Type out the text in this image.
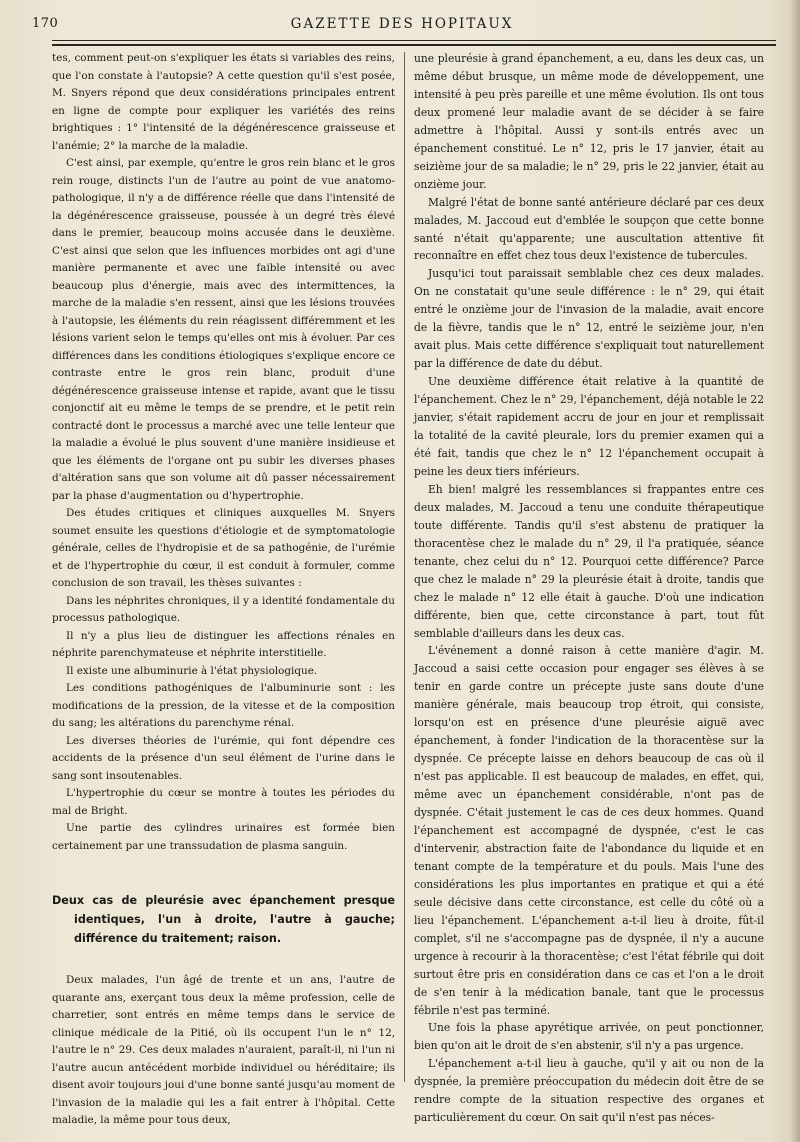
170	GAZETTE DES HOPITAUX

tes, comment peut-on s'expliquer les états si variables des reins, que l'on constate à l'autopsie? A cette question qu'il s'est posée, M. Snyers répond que deux considérations principales entrent en ligne de compte pour expliquer les variétés des reins brightiques : 1° l'intensité de la dégénérescence graisseuse et l'anémie; 2° la marche de la maladie.

C'est ainsi, par exemple, qu'entre le gros rein blanc et le gros rein rouge, distincts l'un de l'autre au point de vue anatomo-pathologique, il n'y a de différence réelle que dans l'intensité de la dégénérescence graisseuse, poussée à un degré très élevé dans le premier, beaucoup moins accusée dans le deuxième. C'est ainsi que selon que les influences morbides ont agi d'une manière permanente et avec une faible intensité ou avec beaucoup plus d'énergie, mais avec des intermittences, la marche de la maladie s'en ressent, ainsi que les lésions trouvées à l'autopsie, les éléments du rein réagissent différemment et les lésions varient selon le temps qu'elles ont mis à évoluer. Par ces différences dans les conditions étiologiques s'explique encore ce contraste entre le gros rein blanc, produit d'une dégénérescence graisseuse intense et rapide, avant que le tissu conjonctif ait eu même le temps de se prendre, et le petit rein contracté dont le processus a marché avec une telle lenteur que la maladie a évolué le plus souvent d'une manière insidieuse et que les éléments de l'organe ont pu subir les diverses phases d'altération sans que son volume ait dû passer nécessairement par la phase d'augmentation ou d'hypertrophie.

Des études critiques et cliniques auxquelles M. Snyers soumet ensuite les questions d'étiologie et de symptomatologie générale, celles de l'hydropisie et de sa pathogénie, de l'urémie et de l'hypertrophie du cœur, il est conduit à formuler, comme conclusion de son travail, les thèses suivantes :

Dans les néphrites chroniques, il y a identité fondamentale du processus pathologique.

Il n'y a plus lieu de distinguer les affections rénales en néphrite parenchymateuse et néphrite interstitielle.

Il existe une albuminurie à l'état physiologique.

Les conditions pathogéniques de l'albuminurie sont : les modifications de la pression, de la vitesse et de la composition du sang; les altérations du parenchyme rénal.

Les diverses théories de l'urémie, qui font dépendre ces accidents de la présence d'un seul élément de l'urine dans le sang sont insoutenables.

L'hypertrophie du cœur se montre à toutes les périodes du mal de Bright.

Une partie des cylindres urinaires est formée bien certainement par une transsudation de plasma sanguin.

Deux cas de pleurésie avec épanchement presque identiques, l'un à droite, l'autre à gauche; différence du traitement; raison.

Deux malades, l'un âgé de trente et un ans, l'autre de quarante ans, exerçant tous deux la même profession, celle de charretier, sont entrés en même temps dans le service de clinique médicale de la Pitié, où ils occupent l'un le n° 12, l'autre le n° 29. Ces deux malades n'auraient, paraît-il, ni l'un ni l'autre aucun antécédent morbide individuel ou héréditaire; ils disent avoir toujours joui d'une bonne santé jusqu'au moment de l'invasion de la maladie qui les a fait entrer à l'hôpital. Cette maladie, la même pour tous deux,

une pleurésie à grand épanchement, a eu, dans les deux cas, un même début brusque, un même mode de développement, une intensité à peu près pareille et une même évolution. Ils ont tous deux promené leur maladie avant de se décider à se faire admettre à l'hôpital. Aussi y sont-ils entrés avec un épanchement constitué. Le n° 12, pris le 17 janvier, était au seizième jour de sa maladie; le n° 29, pris le 22 janvier, était au onzième jour.

Malgré l'état de bonne santé antérieure déclaré par ces deux malades, M. Jaccoud eut d'emblée le soupçon que cette bonne santé n'était qu'apparente; une auscultation attentive fit reconnaître en effet chez tous deux l'existence de tubercules.

Jusqu'ici tout paraissait semblable chez ces deux malades. On ne constatait qu'une seule différence : le n° 29, qui était entré le onzième jour de l'invasion de la maladie, avait encore de la fièvre, tandis que le n° 12, entré le seizième jour, n'en avait plus. Mais cette différence s'expliquait tout naturellement par la différence de date du début.

Une deuxième différence était relative à la quantité de l'épanchement. Chez le n° 29, l'épanchement, déjà notable le 22 janvier, s'était rapidement accru de jour en jour et remplissait la totalité de la cavité pleurale, lors du premier examen qui a été fait, tandis que chez le n° 12 l'épanchement occupait à peine les deux tiers inférieurs.

Eh bien! malgré les ressemblances si frappantes entre ces deux malades, M. Jaccoud a tenu une conduite thérapeutique toute différente. Tandis qu'il s'est abstenu de pratiquer la thoracentèse chez le malade du n° 29, il l'a pratiquée, séance tenante, chez celui du n° 12. Pourquoi cette différence? Parce que chez le malade n° 29 la pleurésie était à droite, tandis que chez le malade n° 12 elle était à gauche. D'où une indication différente, bien que, cette circonstance à part, tout fût semblable d'ailleurs dans les deux cas.

L'événement a donné raison à cette manière d'agir. M. Jaccoud a saisi cette occasion pour engager ses élèves à se tenir en garde contre un précepte juste sans doute d'une manière générale, mais beaucoup trop étroit, qui consiste, lorsqu'on est en présence d'une pleurésie aiguë avec épanchement, à fonder l'indication de la thoracentèse sur la dyspnée. Ce précepte laisse en dehors beaucoup de cas où il n'est pas applicable. Il est beaucoup de malades, en effet, qui, même avec un épanchement considérable, n'ont pas de dyspnée. C'était justement le cas de ces deux hommes. Quand l'épanchement est accompagné de dyspnée, c'est le cas d'intervenir, abstraction faite de l'abondance du liquide et en tenant compte de la température et du pouls. Mais l'une des considérations les plus importantes en pratique et qui a été seule décisive dans cette circonstance, est celle du côté où a lieu l'épanchement. L'épanchement a-t-il lieu à droite, fût-il complet, s'il ne s'accompagne pas de dyspnée, il n'y a aucune urgence à recourir à la thoracentèse; c'est l'état fébrile qui doit surtout être pris en considération dans ce cas et l'on a le droit de s'en tenir à la médication banale, tant que le processus fébrile n'est pas terminé.

Une fois la phase apyrétique arrivée, on peut ponctionner, bien qu'on ait le droit de s'en abstenir, s'il n'y a pas urgence.

L'épanchement a-t-il lieu à gauche, qu'il y ait ou non de la dyspnée, la première préoccupation du médecin doit être de se rendre compte de la situation respective des organes et particulièrement du cœur. On sait qu'il n'est pas néces-
